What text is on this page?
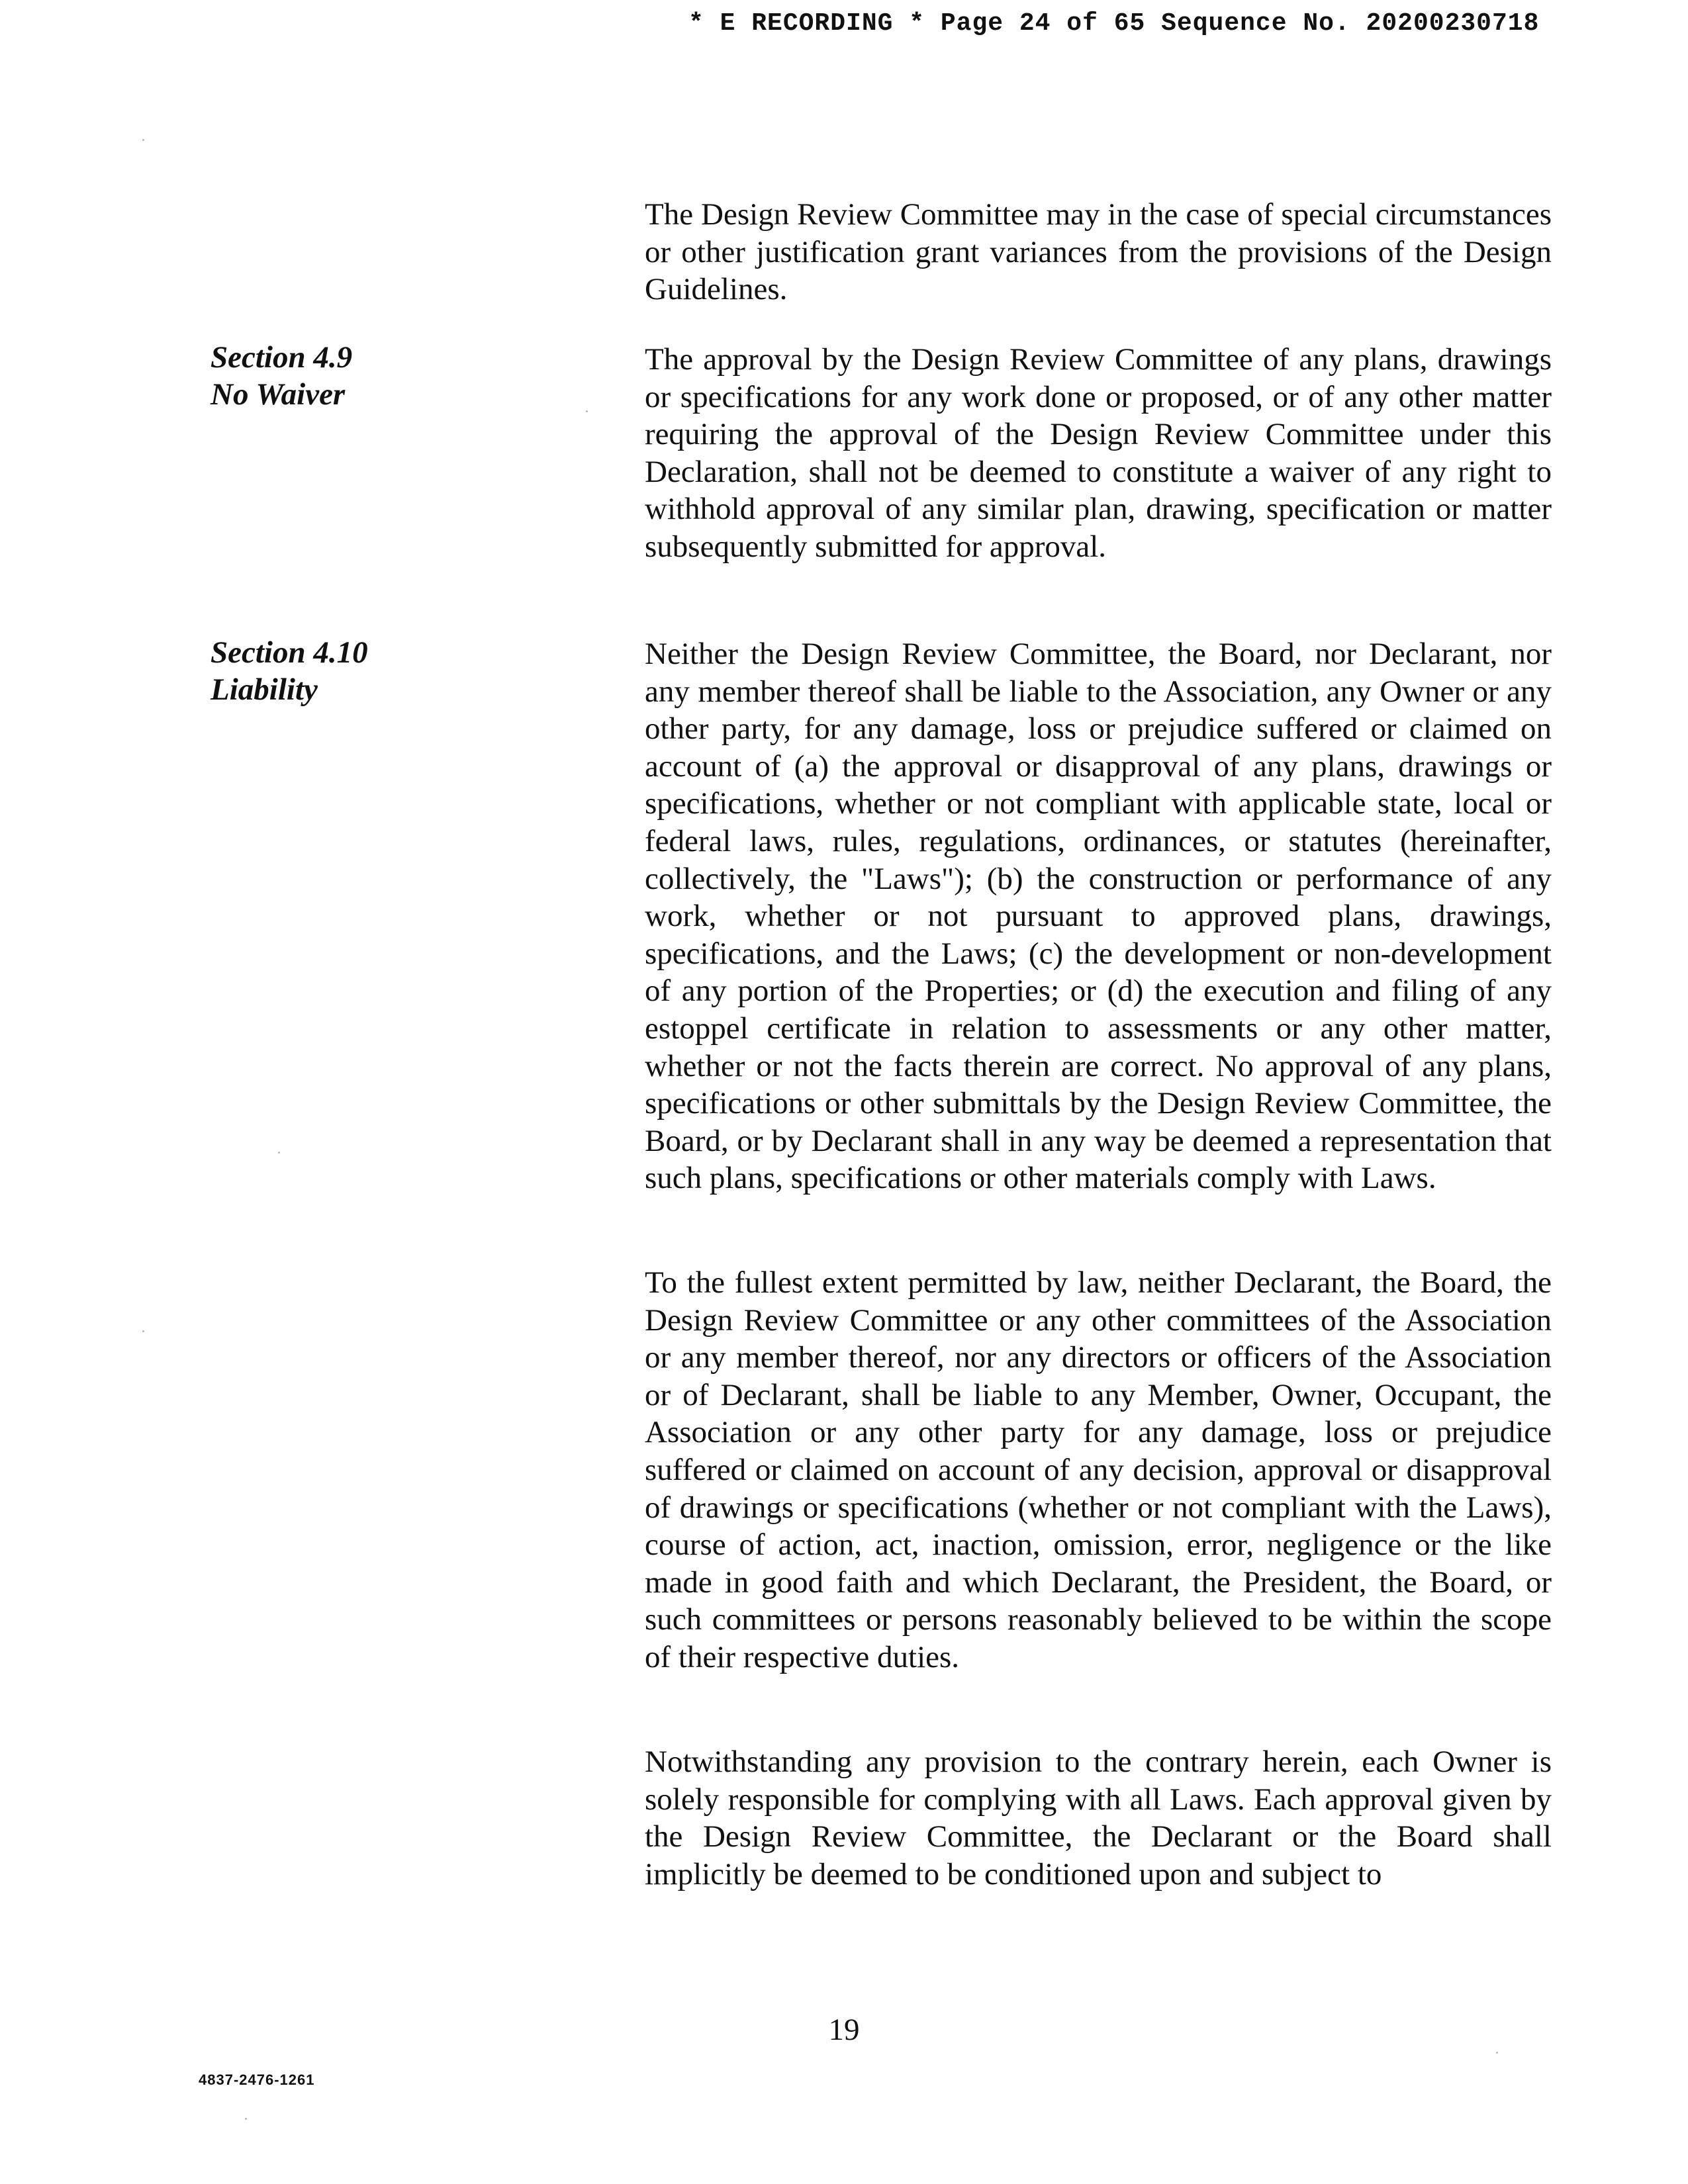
* E RECORDING * Page 24 of 65 Sequence No. 20200230718
Section 4.9
No Waiver
Section 4.10
Liability

The Design Review Committee may in the case of special circumstances or other justification grant variances from the provisions of the Design Guidelines.

The approval by the Design Review Committee of any plans, drawings or specifications for any work done or proposed, or of any other matter requiring the approval of the Design Review Committee under this Declaration, shall not be deemed to constitute a waiver of any right to withhold approval of any similar plan, drawing, specification or matter subsequently submitted for approval.

Neither the Design Review Committee, the Board, nor Declarant, nor any member thereof shall be liable to the Association, any Owner or any other party, for any damage, loss or prejudice suffered or claimed on account of (a) the approval or disapproval of any plans, drawings or specifications, whether or not compliant with applicable state, local or federal laws, rules, regulations, ordinances, or statutes (hereinafter, collectively, the "Laws"); (b) the construction or performance of any work, whether or not pursuant to approved plans, drawings, specifications, and the Laws; (c) the development or non-development of any portion of the Properties; or (d) the execution and filing of any estoppel certificate in relation to assessments or any other matter, whether or not the facts therein are correct. No approval of any plans, specifications or other submittals by the Design Review Committee, the Board, or by Declarant shall in any way be deemed a representation that such plans, specifications or other materials comply with Laws.

To the fullest extent permitted by law, neither Declarant, the Board, the Design Review Committee or any other committees of the Association or any member thereof, nor any directors or officers of the Association or of Declarant, shall be liable to any Member, Owner, Occupant, the Association or any other party for any damage, loss or prejudice suffered or claimed on account of any decision, approval or disapproval of drawings or specifications (whether or not compliant with the Laws), course of action, act, inaction, omission, error, negligence or the like made in good faith and which Declarant, the President, the Board, or such committees or persons reasonably believed to be within the scope of their respective duties.

Notwithstanding any provision to the contrary herein, each Owner is solely responsible for complying with all Laws. Each approval given by the Design Review Committee, the Declarant or the Board shall implicitly be deemed to be conditioned upon and subject to

19
4837-2476-1261
